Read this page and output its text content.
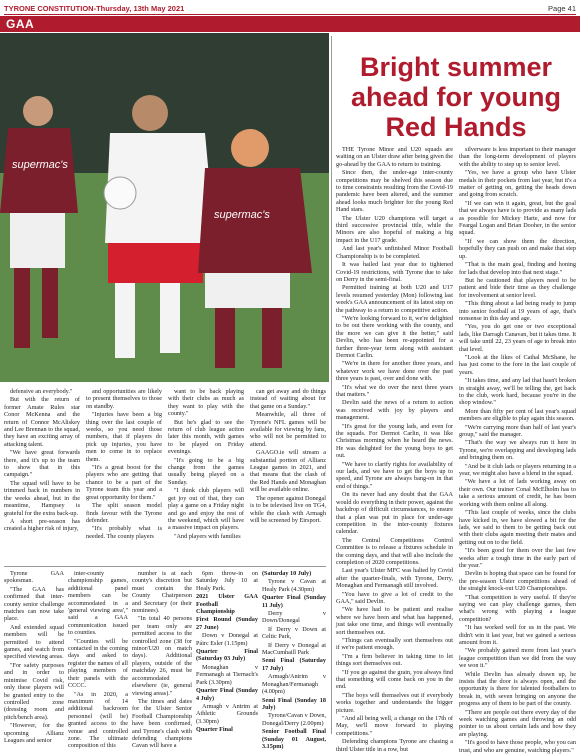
TYRONE CONSTITUTION-Thursday, 13th May 2021	Page 41
GAA
supermac's
supermac's
Bright summer
ahead for young
Red Hands

defensive an everybody."

But with the return of former Amate Rules star Conor McKenna and the return of Connor McAliskey and Lee Brennan to the squad, they have an exciting array of attacking talent.

"We have great forwards there, and it's up to the team to show that in this campaign."

The squad will have to be trimmed back in numbers in the weeks ahead, but in the meantime, Hampsey is grateful for the extra back-up.

A short pre-season has created a higher risk of injury,

and opportunities are likely to present themselves to those on standby.

"Injuries have been a big thing over the last couple of weeks, so you need those numbers, that if players do pick up injuries, you have men to come in to replace them.

"It's a great boost for the players who are getting that chance to be a part of the Tyrone team this year and a great opportunity for them."

The split season model finds favour with the Tyrone defender.

"It's probably what is needed. The county players

want to be back playing with their clubs as much as they want to play with the county."

But he's glad to see the return of club league action later this month, with games to be played on Friday evenings.

"It's going to be a big change from the games usually being played on a Sunday.

"I think club players will get joy out of that, they can play a game on a Friday night and go and enjoy the rest of the weekend, which will have a massive impact on players.

"And players with families

can get away and do things instead of waiting about for that game on a Sunday."

Meanwhile, all three of Tyrone's NFL games will be available for viewing by fans, who will not be permitted to attend.

GAAGO.ie will stream a substantial portion of Allianz League games in 2021, and that means that the clash of the Red Hands and Monaghan will be available online.

The opener against Donegal is to be televised live on TG4, while the clash with Armagh will be screened by Eirsport.

Tyrone GAA spokesman.

"The GAA has confirmed that inter-county senior challenge matches can now take place.

And extended squad members will be permitted to attend games, and watch from specified viewing areas.

"For safety purposes and in order to minimise Covid risk, only these players will be granted entry to the controlled zone (dressing room and pitch/bench area).

"However, for the upcoming Allianz Leagues and senior

inter-county championship games, additional panel members can be accommodated in a 'general viewing area'," said a GAA communication issued to counties.

"Counties will be contacted in the coming days and asked to register the names of all playing members of their panels with the CCCC.

"As in 2020, a maximum of 14 additional backroom personnel (will be) granted access to the venue and controlled zone. The ultimate composition of this

number is at each county's discretion but must contain the County Chairperson and Secretary (or their nominees).

"In total 40 persons per team only are permitted access to the controlled zone (38 for minor/U20 on match days). Additional players, outside of the matchday 26, must be accommodated elsewhere (ie, general viewing areas)."

The times and dates for the Ulster Senior Football Championship have been confirmed, and Tyrone's clash with defending champions Cavan will have a

6pm throw-in on Saturday July 10 at Healy Park.

2021 Ulster GAA Football Championship

First Round (Sunday 27 June)

Down v Donegal at Páirc Esler (1.15pm)

Quarter Final (Saturday 03 July)

Monaghan v Fermanagh at Tiernach's Park (3.30pm)

Quarter Final (Sunday 4 July)

Armagh v Antrim at Athletic Grounds (3.30pm)

Quarter Final

(Saturday 10 July)

Tyrone v Cavan at Healy Park (4.30pm)

Quarter Final (Sunday 11 July)

Derry v Down/Donegal

If Derry v Down at Celtic Park,

If Derry v Donegal at MacCumhaill Park

Semi Final (Saturday 17 July)

Armagh/Antrim v Monaghan/Fermanagh (4.00pm)

Semi Final (Sunday 18 July)

Tyrone/Cavan v Down, Donegal/Derry (2.00pm)

Senior Football Final (Sunday 01 August, 3.15pm)

THE Tyrone Minor and U20 squads are waiting on an Ulster draw after being given the go-ahead by the GAA to return to training.

Since then, the under-age inter-county competitions may be shelved this season due to time constraints resulting from the Covid-19 pandemic have been altered, and the summer ahead looks much brighter for the young Red Hand stars.

The Ulster U20 champions will target a third successive provincial title, while the Minors are also hopeful of making a big impact in the U17 grade.

And last year's unfinished Minor Football Championship is to be completed.

It was hailed last year due to tightened Covid-19 restrictions, with Tyrone due to take on Derry in the semi-final.

Permitted training at both U20 and U17 levels resumed yesterday (Mon) following last week's GAA announcement of its latest step on the pathway to a return to competitive action.

"We're looking forward to it, we're delighted to be out there working with the county, and the more we can give it the better," said Devlin, who has been re-appointed for a further three-year term along with assistant Dermot Carlin.

"We're in there for another three years, and whatever work we have done over the past three years is past, over and done with.

"It's what we do over the next three years that matters."

Devlin said the news of a return to action was received with joy by players and management.

"It's great for the young lads, and even for the squads. For Dermot Carlin, it was like Christmas morning when he heard the news. He was delighted for the young boys to get out.

"We have to clarify rights for availability of our lads, and we have to get the boys up to speed, and Tyrone are always bang-on in that end of things."

On its never had any doubt that the GAA would do everything in their power, against the backdrop of difficult circumstances, to ensure that a plan was put in place for under-age competition in the inter-county fixtures calendar.

The Central Competitions Control Committee is to release a fixtures schedule in the coming days, and that will also include the completion of 2020 competitions.

Last year's Ulster MFC was halted by Covid after the quarter-finals, with Tyrone, Derry, Monaghan and Fermanagh still involved.

"You have to give a lot of credit to the GAA," said Devlin.

"We have had to be patient and realise where we have been and what has happened, just take one time, and things will eventually sort themselves out.

"Things can eventually sort themselves out if we're patient enough.

"I'm a firm believer in taking time to let things sort themselves out.

"If you go against the grain, you always find that something will come back on you in the end.

"The boys will themselves out if everybody works together and understands the bigger picture.

"And all being well, a change on the 17th of May, we'll move forward to playing competitions."

Defending champions Tyrone are chasing a third Ulster title in a row, but

silverware is less important to their manager than the long-term development of players with the ability to step up to senior level.

"Yes, we have a group who have Ulster medals in their pockets from last year, but it's a matter of getting on, getting the heads down and going from scratch.

"If we can win it again, great, but the goal that we always have is to provide as many lads as possible for Mickey Harte, and now for Feargal Logan and Brian Dooher, in the senior squad.

"If we can show them the direction, hopefully they can push on and make that step up.

"That is the main goal, finding and honing for lads that develop into that next stage."

But he cautioned that players need to be patient and bide their time as they challenge for involvement at senior level.

"This thing about a lad being ready to jump into senior football at 19 years of age, that's nonsense in this day and age.

"Yes, you do get one or two exceptional lads, like Darragh Canavan, but it takes time. It will take until 22, 23 years of age to break into that level.

"Look at the likes of Cathal McShane, he has just come to the fore in the last couple of years.

"It takes time, and any lad that hasn't broken in straight away, we'll be telling the, get back to the club, work hard, because you're in the shop window."

More than fifty per cent of last year's squad members are eligible to play again this season.

"We're carrying more than half of last year's group," said the manager.

"That's the way we always run it here in Tyrone, we're overlapping and developing lads and bringing them on.

"And be it club lads or players returning in a year, we might also have a blend in the squad.

"We have a lot of lads working away on their own. Our trainer Conal McElholm has to take a serious amount of credit, he has been working with them online all along.

"This last couple of weeks, since the clubs have kicked in, we have slowed a bit for the lads, we said to them to be getting back out with their clubs again meeting their mates and getting out on to the field.

"It's been good for them over the last few weeks after a tough time in the early part of the year."

Devlin is hoping that space can be found for the pre-season Ulster competitions ahead of the straight knock-out U20 Championships.

"That competition is very useful. If they're saying we can play challenge games, then what's wrong with playing a league competition?

"It has worked well for us in the past. We didn't win it last year, but we gained a serious amount from it.

"We probably gained more from last year's league competition than we did from the way we won it."

While Devlin has already drawn up, he insists that the door is always open, and the opportunity is there for talented footballers to break in, with seven bringing on anyone the progress any of them to be part of the county.

"There are people out there every day of the week watching games and throwing an odd pointer to us about certain lads and how they are playing.

"It's good to have those people, who you can trust, and who are genuine, watching players."
